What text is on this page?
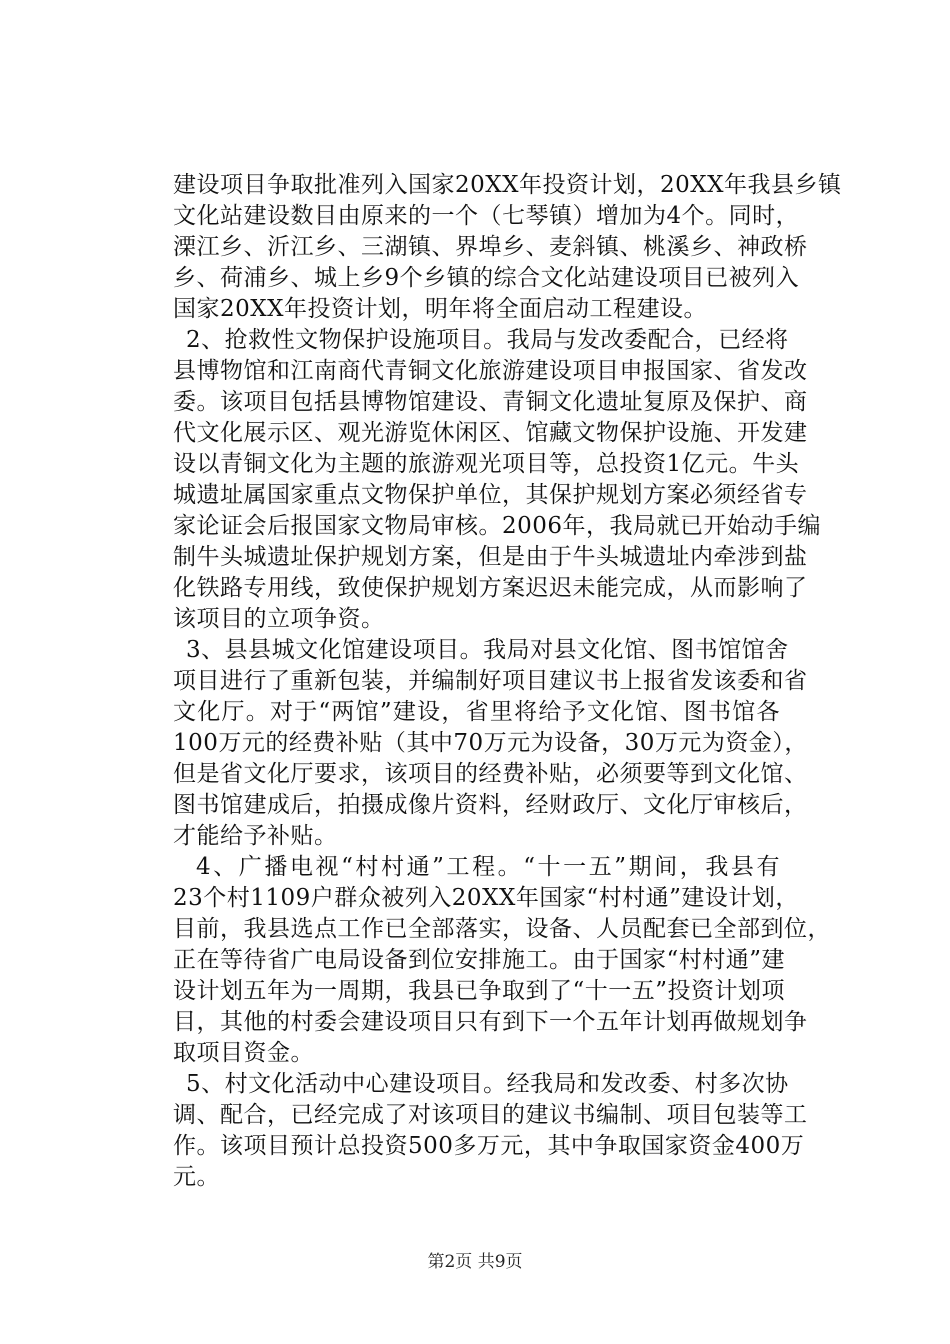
建设项目争取批准列入国家20XX年投资计划，20XX年我县乡镇
文化站建设数目由原来的一个（七琴镇）增加为4个。同时，
溧江乡、沂江乡、三湖镇、界埠乡、麦斜镇、桃溪乡、神政桥
乡、荷浦乡、城上乡9个乡镇的综合文化站建设项目已被列入
国家20XX年投资计划，明年将全面启动工程建设。
2、抢救性文物保护设施项目。我局与发改委配合，已经将
县博物馆和江南商代青铜文化旅游建设项目申报国家、省发改
委。该项目包括县博物馆建设、青铜文化遗址复原及保护、商
代文化展示区、观光游览休闲区、馆藏文物保护设施、开发建
设以青铜文化为主题的旅游观光项目等，总投资1亿元。牛头
城遗址属国家重点文物保护单位，其保护规划方案必须经省专
家论证会后报国家文物局审核。2006年，我局就已开始动手编
制牛头城遗址保护规划方案，但是由于牛头城遗址内牵涉到盐
化铁路专用线，致使保护规划方案迟迟未能完成，从而影响了
该项目的立项争资。
3、县县城文化馆建设项目。我局对县文化馆、图书馆馆舍
项目进行了重新包装，并编制好项目建议书上报省发该委和省
文化厅。对于“两馆”建设，省里将给予文化馆、图书馆各
100万元的经费补贴（其中70万元为设备，30万元为资金），
但是省文化厅要求，该项目的经费补贴，必须要等到文化馆、
图书馆建成后，拍摄成像片资料，经财政厅、文化厅审核后，
才能给予补贴。
4、广播电视“村村通”工程。“十一五”期间，我县有
23个村1109户群众被列入20XX年国家“村村通”建设计划，
目前，我县选点工作已全部落实，设备、人员配套已全部到位，
正在等待省广电局设备到位安排施工。由于国家“村村通”建
设计划五年为一周期，我县已争取到了“十一五”投资计划项
目，其他的村委会建设项目只有到下一个五年计划再做规划争
取项目资金。
5、村文化活动中心建设项目。经我局和发改委、村多次协
调、配合，已经完成了对该项目的建议书编制、项目包装等工
作。该项目预计总投资500多万元，其中争取国家资金400万
元。
第2页 共9页
